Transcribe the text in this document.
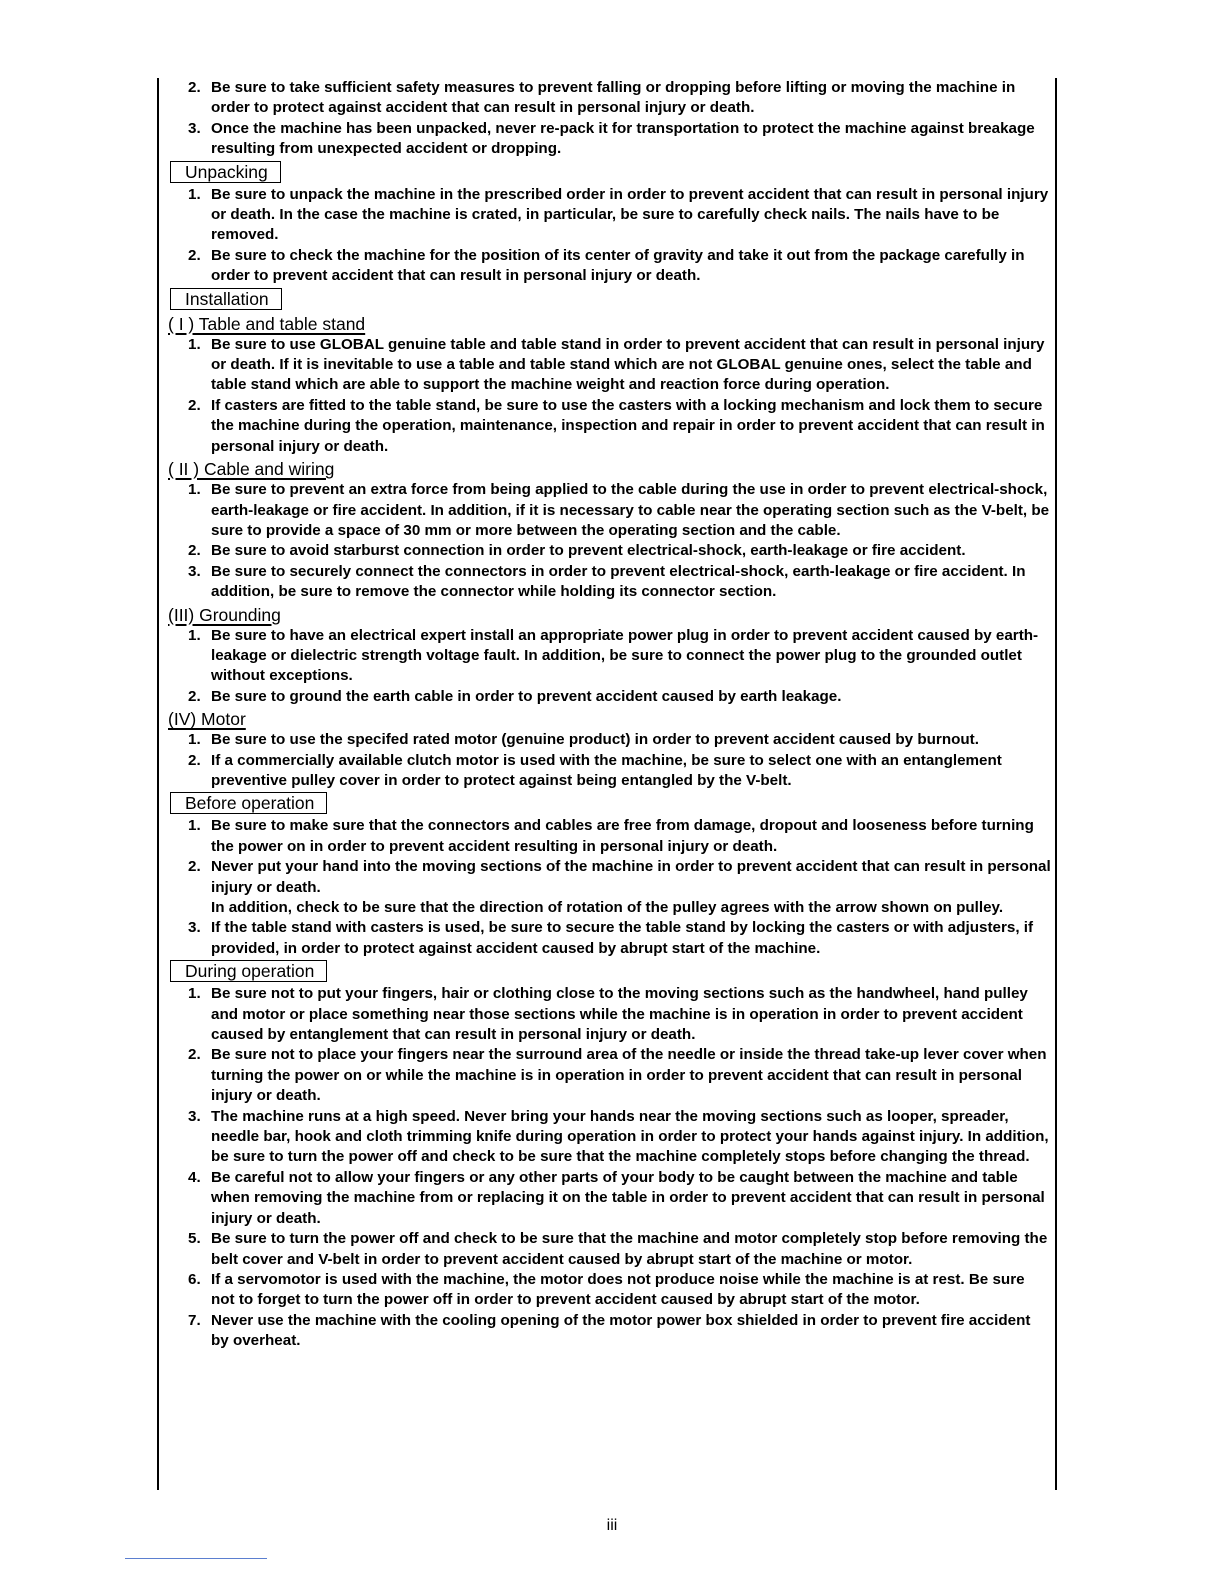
2. Be sure to take sufficient safety measures to prevent falling or dropping before lifting or moving the machine in order to protect against accident that can result in personal injury or death.
3. Once the machine has been unpacked, never re-pack it for transportation to protect the machine against breakage resulting from unexpected accident or dropping.
Unpacking
1. Be sure to unpack the machine in the prescribed order in order to prevent accident that can result in personal injury or death. In the case the machine is crated, in particular, be sure to carefully check nails. The nails have to be removed.
2. Be sure to check the machine for the position of its center of gravity and take it out from the package carefully in order to prevent accident that can result in personal injury or death.
Installation
( I ) Table and table stand
1. Be sure to use GLOBAL genuine table and table stand in order to prevent accident that can result in personal injury or death. If it is inevitable to use a table and table stand which are not GLOBAL genuine ones, select the table and table stand which are able to support the machine weight and reaction force during operation.
2. If casters are fitted to the table stand, be sure to use the casters with a locking mechanism and lock them to secure the machine during the operation, maintenance, inspection and repair in order to prevent accident that can result in personal injury or death.
( II ) Cable and wiring
1. Be sure to prevent an extra force from being applied to the cable during the use in order to prevent electrical-shock, earth-leakage or fire accident. In addition, if it is necessary to cable near the operating section such as the V-belt, be sure to provide a space of 30 mm or more between the operating section and the cable.
2. Be sure to avoid starburst connection in order to prevent electrical-shock, earth-leakage or fire accident.
3. Be sure to securely connect the connectors in order to prevent electrical-shock, earth-leakage or fire accident. In addition, be sure to remove the connector while holding its connector section.
(III) Grounding
1. Be sure to have an electrical expert install an appropriate power plug in order to prevent accident caused by earth-leakage or dielectric strength voltage fault. In addition, be sure to connect the power plug to the grounded outlet without exceptions.
2. Be sure to ground the earth cable in order to prevent accident caused by earth leakage.
(IV) Motor
1. Be sure to use the specifed rated motor (genuine product) in order to prevent accident caused by burnout.
2. If a commercially available clutch motor is used with the machine, be sure to select one with an entanglement preventive pulley cover in order to protect against being entangled by the V-belt.
Before operation
1. Be sure to make sure that the connectors and cables are free from damage, dropout and looseness before turning the power on in order to prevent accident resulting in personal injury or death.
2. Never put your hand into the moving sections of the machine in order to prevent accident that can result in personal injury or death.
In addition, check to be sure that the direction of rotation of the pulley agrees with the arrow shown on pulley.
3. If the table stand with casters is used, be sure to secure the table stand by locking the casters or with adjusters, if provided, in order to protect against accident caused by abrupt start of the machine.
During operation
1. Be sure not to put your fingers, hair or clothing close to the moving sections such as the handwheel, hand pulley and motor or place something near those sections while the machine is in operation in order to prevent accident caused by entanglement that can result in personal injury or death.
2. Be sure not to place your fingers near the surround area of the needle or inside the thread take-up lever cover when turning the power on or while the machine is in operation in order to prevent accident that can result in personal injury or death.
3. The machine runs at a high speed. Never bring your hands near the moving sections such as looper, spreader, needle bar, hook and cloth trimming knife during operation in order to protect your hands against injury. In addition, be sure to turn the power off and check to be sure that the machine completely stops before changing the thread.
4. Be careful not to allow your fingers or any other parts of your body to be caught between the machine and table when removing the machine from or replacing it on the table in order to prevent accident that can result in personal injury or death.
5. Be sure to turn the power off and check to be sure that the machine and motor completely stop before removing the belt cover and V-belt in order to prevent accident caused by abrupt start of the machine or motor.
6. If a servomotor is used with the machine, the motor does not produce noise while the machine is at rest. Be sure not to forget to turn the power off in order to prevent accident caused by abrupt start of the motor.
7. Never use the machine with the cooling opening of the motor power box shielded in order to prevent fire accident by overheat.
iii
